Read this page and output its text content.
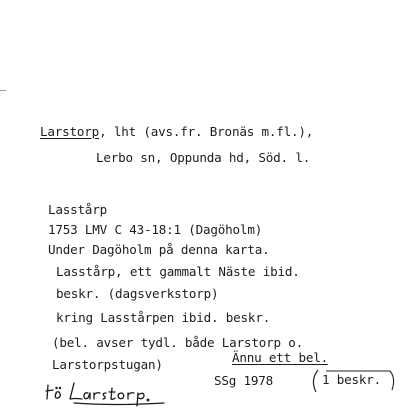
Larstorp, lht (avs.fr. Bronäs m.fl.),
Lerbo sn, Oppunda hd, Söd. l.
Lasstårp
1753 LMV C 43-18:1 (Dagöholm)
Under Dagöholm på denna karta.
Lasstårp, ett gammalt Näste ibid.
beskr. (dagsverkstorp)
kring Lasstårpen ibid. beskr.
(bel. avser tydl. både Larstorp o.
Larstorpstugan)	Ännu ett bel.
SSg 1978	1 beskr.
